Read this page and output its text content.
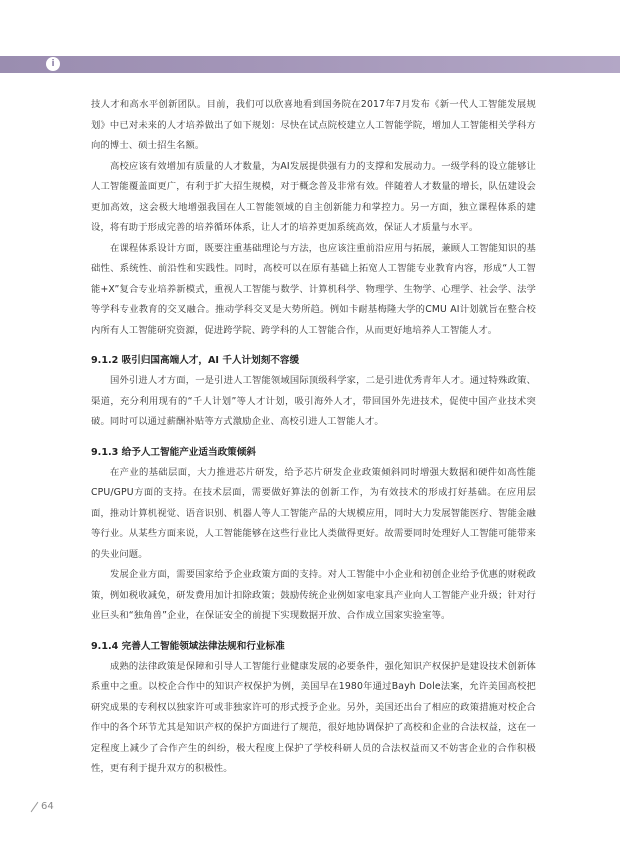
i

技人才和高水平创新团队。目前，我们可以欣喜地看到国务院在2017年7月发布《新一代人工智能发展规划》中已对未来的人才培养做出了如下规划：尽快在试点院校建立人工智能学院，增加人工智能相关学科方向的博士、硕士招生名额。

高校应该有效增加有质量的人才数量，为AI发展提供强有力的支撑和发展动力。一级学科的设立能够让人工智能覆盖面更广，有利于扩大招生规模，对于概念普及非常有效。伴随着人才数量的增长，队伍建设会更加高效，这会极大地增强我国在人工智能领域的自主创新能力和掌控力。另一方面，独立课程体系的建设，将有助于形成完善的培养循环体系，让人才的培养更加系统高效，保证人才质量与水平。

在课程体系设计方面，既要注重基础理论与方法，也应该注重前沿应用与拓展，兼顾人工智能知识的基础性、系统性、前沿性和实践性。同时，高校可以在原有基础上拓宽人工智能专业教育内容，形成“人工智能+X”复合专业培养新模式，重视人工智能与数学、计算机科学、物理学、生物学、心理学、社会学、法学等学科专业教育的交叉融合。推动学科交叉是大势所趋。例如卡耐基梅隆大学的CMU AI计划就旨在整合校内所有人工智能研究资源，促进跨学院、跨学科的人工智能合作，从而更好地培养人工智能人才。

9.1.2 吸引归国高端人才，AI 千人计划刻不容缓

国外引进人才方面，一是引进人工智能领域国际顶级科学家，二是引进优秀青年人才。通过特殊政策、渠道，充分利用现有的“千人计划”等人才计划，吸引海外人才，带回国外先进技术，促使中国产业技术突破。同时可以通过薪酬补贴等方式激励企业、高校引进人工智能人才。

9.1.3 给予人工智能产业适当政策倾斜

在产业的基础层面，大力推进芯片研发，给予芯片研发企业政策倾斜同时增强大数据和硬件如高性能CPU/GPU方面的支持。在技术层面，需要做好算法的创新工作，为有效技术的形成打好基础。在应用层面，推动计算机视觉、语音识别、机器人等人工智能产品的大规模应用，同时大力发展智能医疗、智能金融等行业。从某些方面来说，人工智能能够在这些行业比人类做得更好。故需要同时处理好人工智能可能带来的失业问题。

发展企业方面，需要国家给予企业政策方面的支持。对人工智能中小企业和初创企业给予优惠的财税政策，例如税收减免，研发费用加计扣除政策；鼓励传统企业例如家电家具产业向人工智能产业升级；针对行业巨头和“独角兽”企业，在保证安全的前提下实现数据开放、合作成立国家实验室等。

9.1.4 完善人工智能领域法律法规和行业标准

成熟的法律政策是保障和引导人工智能行业健康发展的必要条件，强化知识产权保护是建设技术创新体系重中之重。以校企合作中的知识产权保护为例，美国早在1980年通过Bayh Dole法案，允许美国高校把研究成果的专利权以独家许可或非独家许可的形式授予企业。另外，美国还出台了相应的政策措施对校企合作中的各个环节尤其是知识产权的保护方面进行了规范，很好地协调保护了高校和企业的合法权益，这在一定程度上减少了合作产生的纠纷，极大程度上保护了学校科研人员的合法权益而又不妨害企业的合作积极性，更有利于提升双方的积极性。

64
